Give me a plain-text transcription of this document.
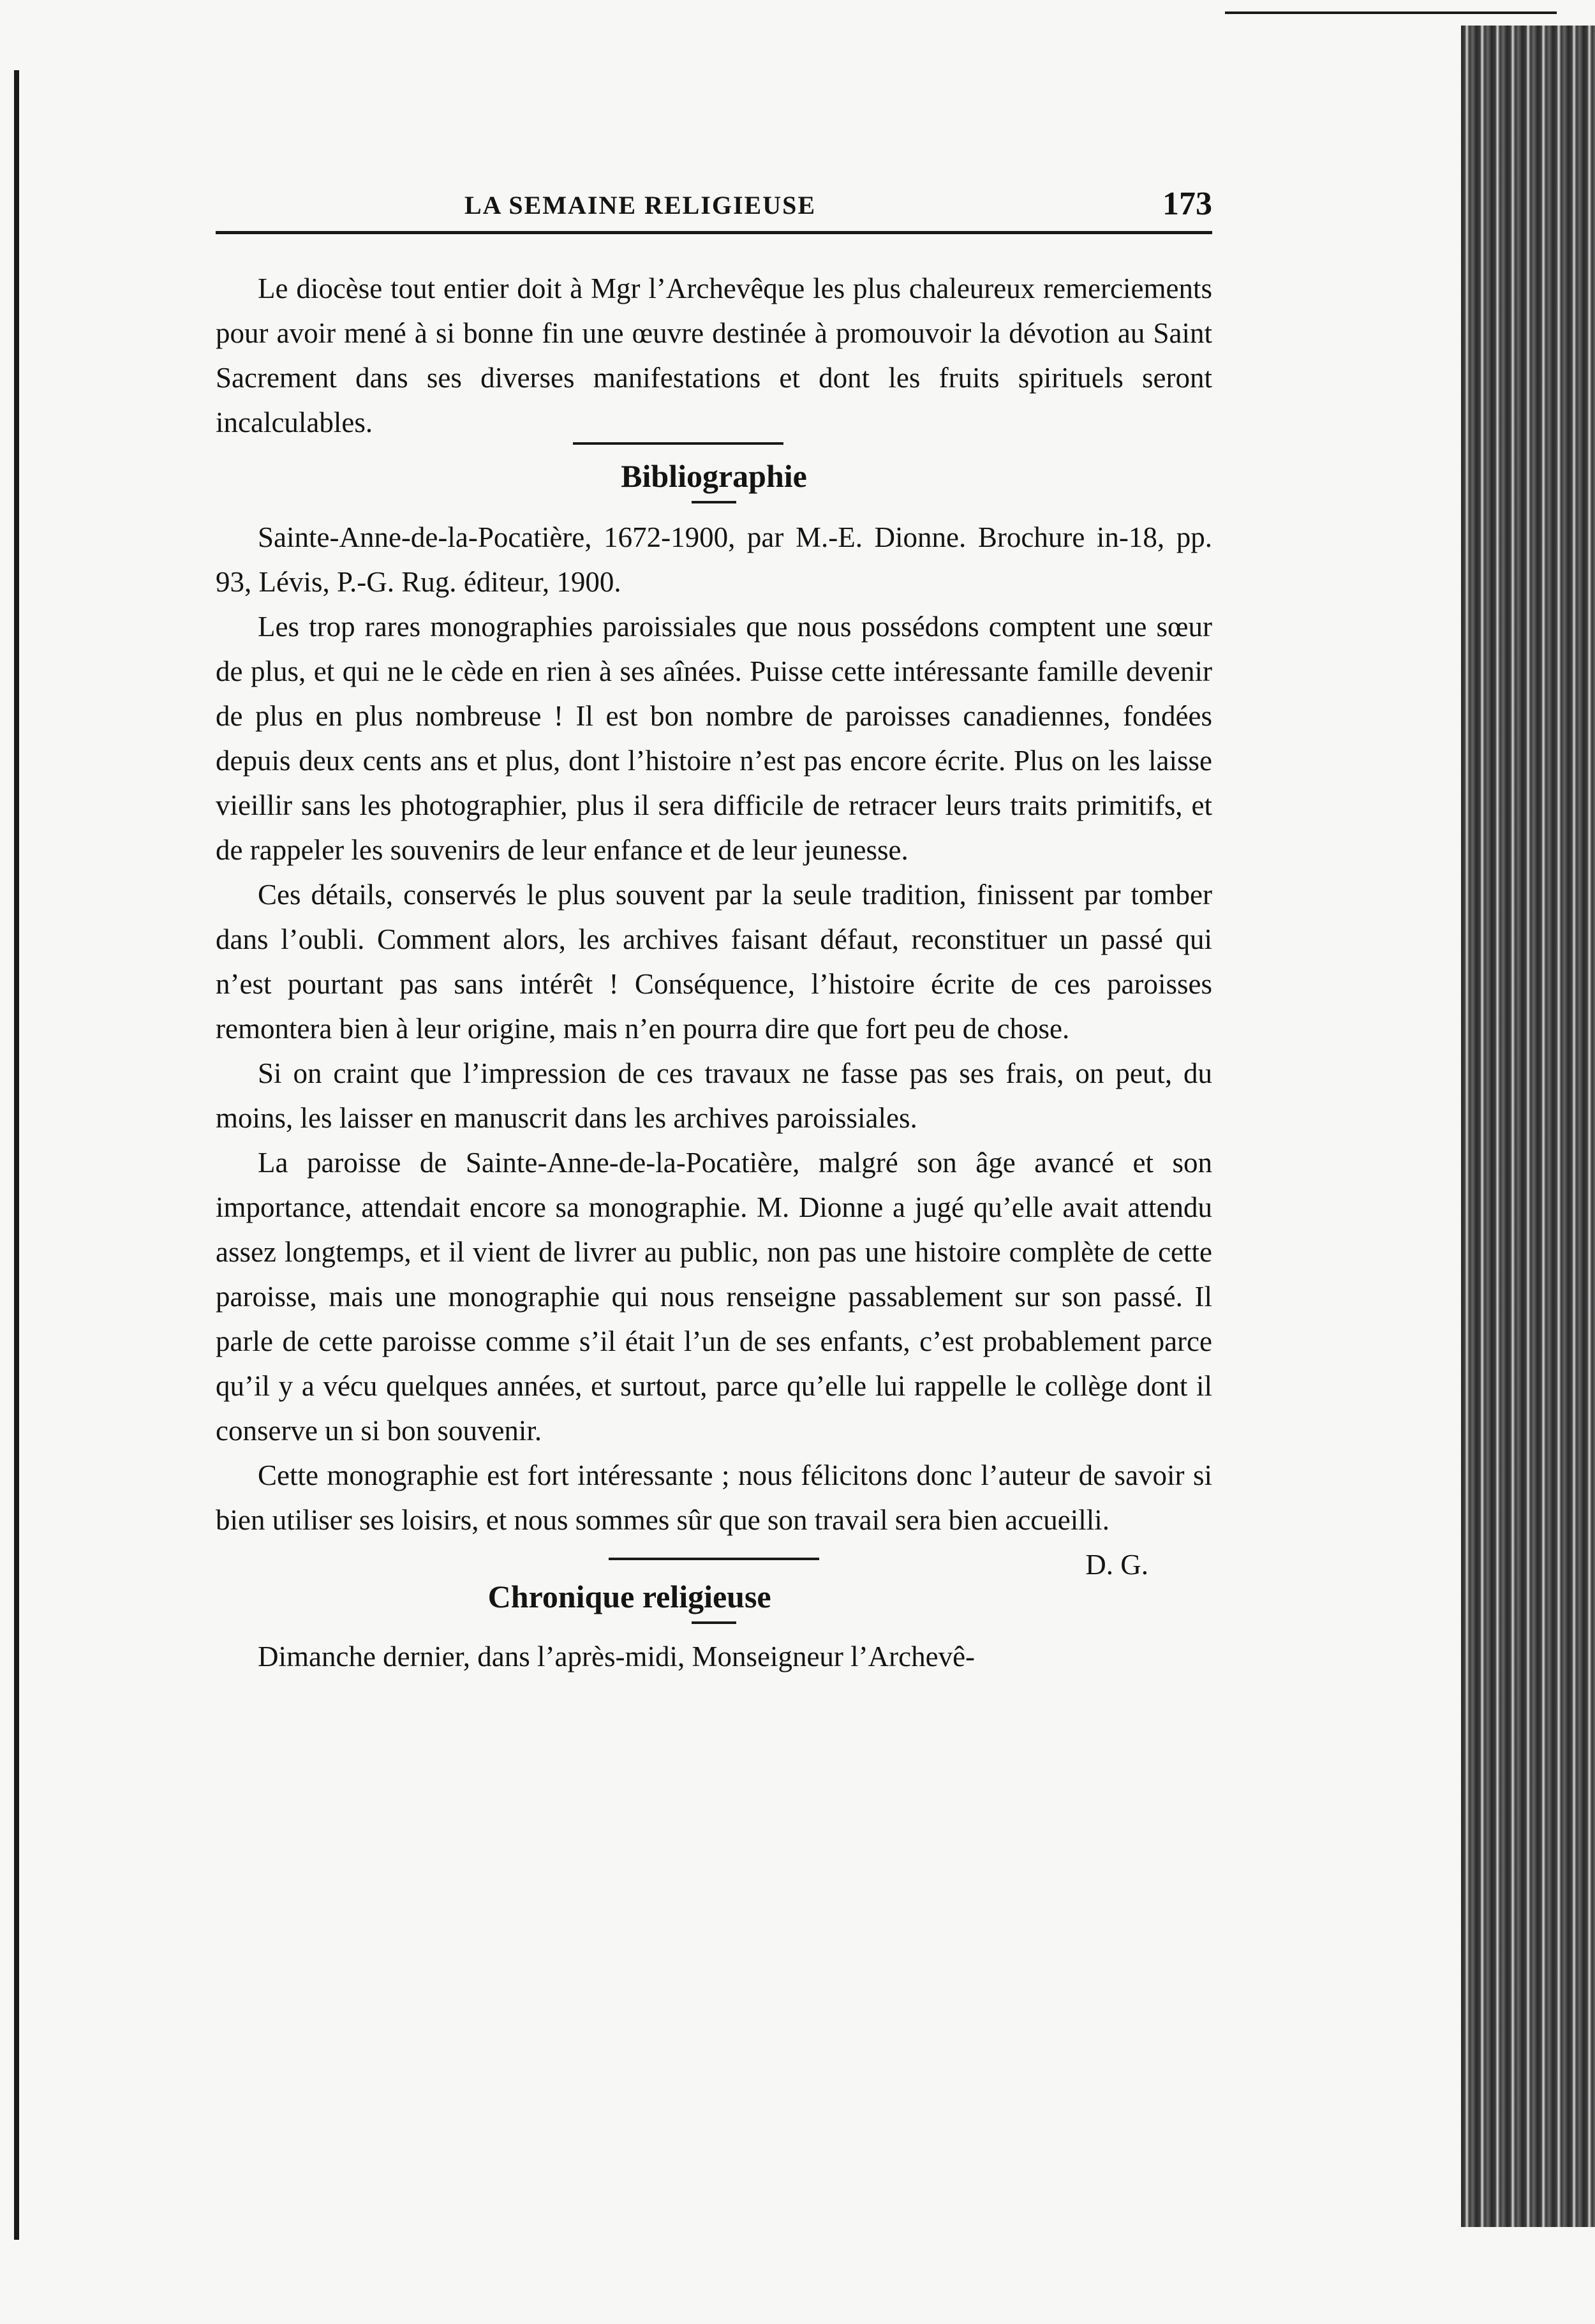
LA SEMAINE RELIGIEUSE	173

Le diocèse tout entier doit à Mgr l’Archevêque les plus chaleureux remerciements pour avoir mené à si bonne fin une œuvre destinée à promouvoir la dévotion au Saint Sacrement dans ses diverses manifestations et dont les fruits spirituels seront incalculables.

Bibliographie

Sainte-Anne-de-la-Pocatière, 1672-1900, par M.-E. Dionne. Brochure in-18, pp. 93, Lévis, P.-G. Rug. éditeur, 1900.

Les trop rares monographies paroissiales que nous possédons comptent une sœur de plus, et qui ne le cède en rien à ses aînées. Puisse cette intéressante famille devenir de plus en plus nombreuse ! Il est bon nombre de paroisses canadiennes, fondées depuis deux cents ans et plus, dont l’histoire n’est pas encore écrite. Plus on les laisse vieillir sans les photographier, plus il sera difficile de retracer leurs traits primitifs, et de rappeler les souvenirs de leur enfance et de leur jeunesse.

Ces détails, conservés le plus souvent par la seule tradition, finissent par tomber dans l’oubli. Comment alors, les archives faisant défaut, reconstituer un passé qui n’est pourtant pas sans intérêt ! Conséquence, l’histoire écrite de ces paroisses remontera bien à leur origine, mais n’en pourra dire que fort peu de chose.

Si on craint que l’impression de ces travaux ne fasse pas ses frais, on peut, du moins, les laisser en manuscrit dans les archives paroissiales.

La paroisse de Sainte-Anne-de-la-Pocatière, malgré son âge avancé et son importance, attendait encore sa monographie. M. Dionne a jugé qu’elle avait attendu assez longtemps, et il vient de livrer au public, non pas une histoire complète de cette paroisse, mais une monographie qui nous renseigne passablement sur son passé. Il parle de cette paroisse comme s’il était l’un de ses enfants, c’est probablement parce qu’il y a vécu quelques années, et surtout, parce qu’elle lui rappelle le collège dont il conserve un si bon souvenir.

Cette monographie est fort intéressante ; nous félicitons donc l’auteur de savoir si bien utiliser ses loisirs, et nous sommes sûr que son travail sera bien accueilli.
D. G.

Chronique religieuse

Dimanche dernier, dans l’après-midi, Monseigneur l’Archevê-
